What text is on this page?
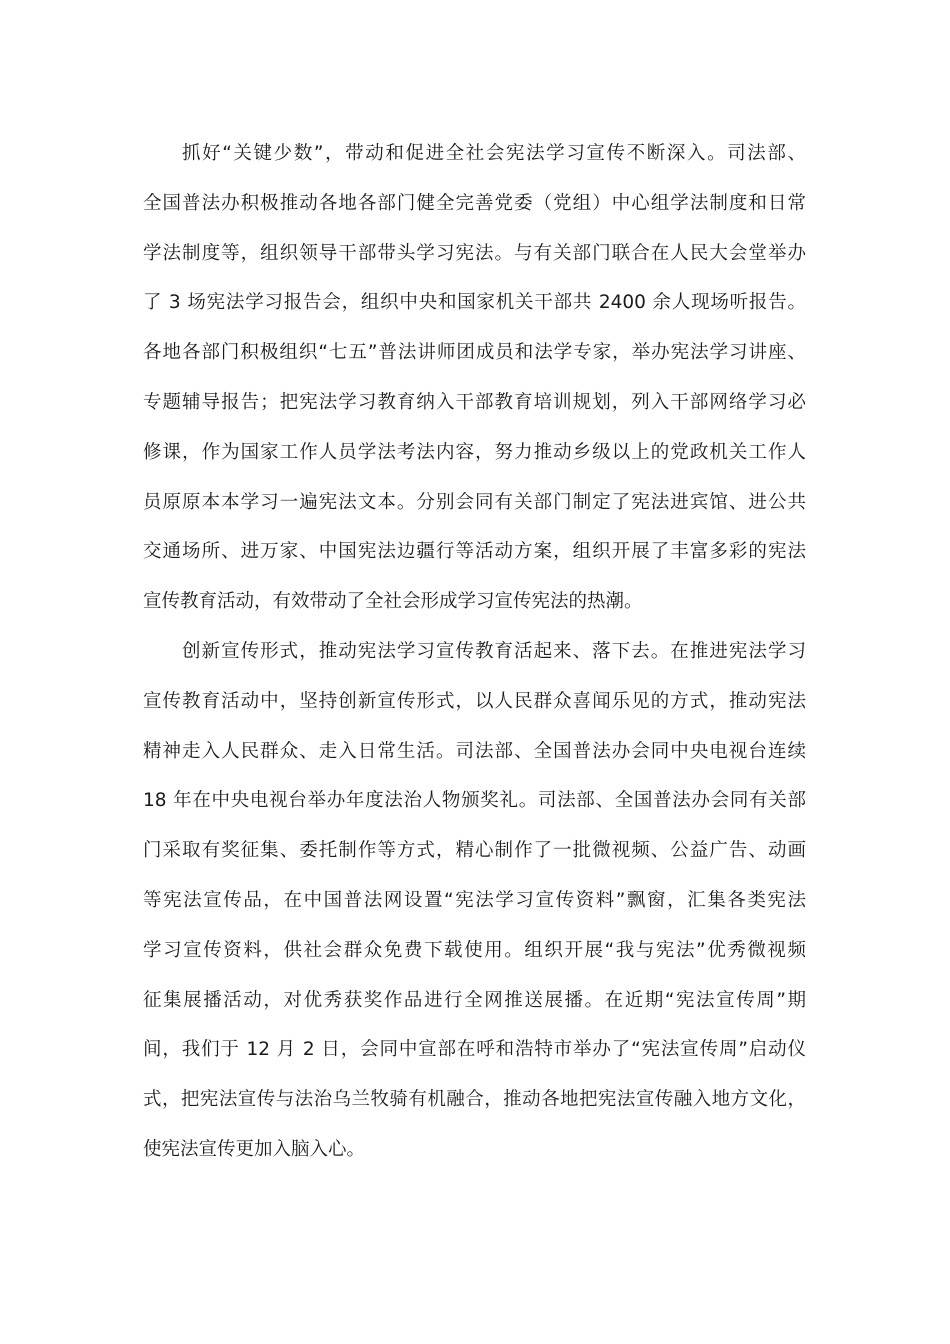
抓好“关键少数”，带动和促进全社会宪法学习宣传不断深入。司法部、
全国普法办积极推动各地各部门健全完善党委（党组）中心组学法制度和日常
学法制度等，组织领导干部带头学习宪法。与有关部门联合在人民大会堂举办
了 3 场宪法学习报告会，组织中央和国家机关干部共 2400 余人现场听报告。
各地各部门积极组织“七五”普法讲师团成员和法学专家，举办宪法学习讲座、
专题辅导报告；把宪法学习教育纳入干部教育培训规划，列入干部网络学习必
修课，作为国家工作人员学法考法内容，努力推动乡级以上的党政机关工作人
员原原本本学习一遍宪法文本。分别会同有关部门制定了宪法进宾馆、进公共
交通场所、进万家、中国宪法边疆行等活动方案，组织开展了丰富多彩的宪法
宣传教育活动，有效带动了全社会形成学习宣传宪法的热潮。
创新宣传形式，推动宪法学习宣传教育活起来、落下去。在推进宪法学习
宣传教育活动中，坚持创新宣传形式，以人民群众喜闻乐见的方式，推动宪法
精神走入人民群众、走入日常生活。司法部、全国普法办会同中央电视台连续
18 年在中央电视台举办年度法治人物颁奖礼。司法部、全国普法办会同有关部
门采取有奖征集、委托制作等方式，精心制作了一批微视频、公益广告、动画
等宪法宣传品，在中国普法网设置“宪法学习宣传资料”飘窗，汇集各类宪法
学习宣传资料，供社会群众免费下载使用。组织开展“我与宪法”优秀微视频
征集展播活动，对优秀获奖作品进行全网推送展播。在近期“宪法宣传周”期
间，我们于 12 月 2 日，会同中宣部在呼和浩特市举办了“宪法宣传周”启动仪
式，把宪法宣传与法治乌兰牧骑有机融合，推动各地把宪法宣传融入地方文化，
使宪法宣传更加入脑入心。
